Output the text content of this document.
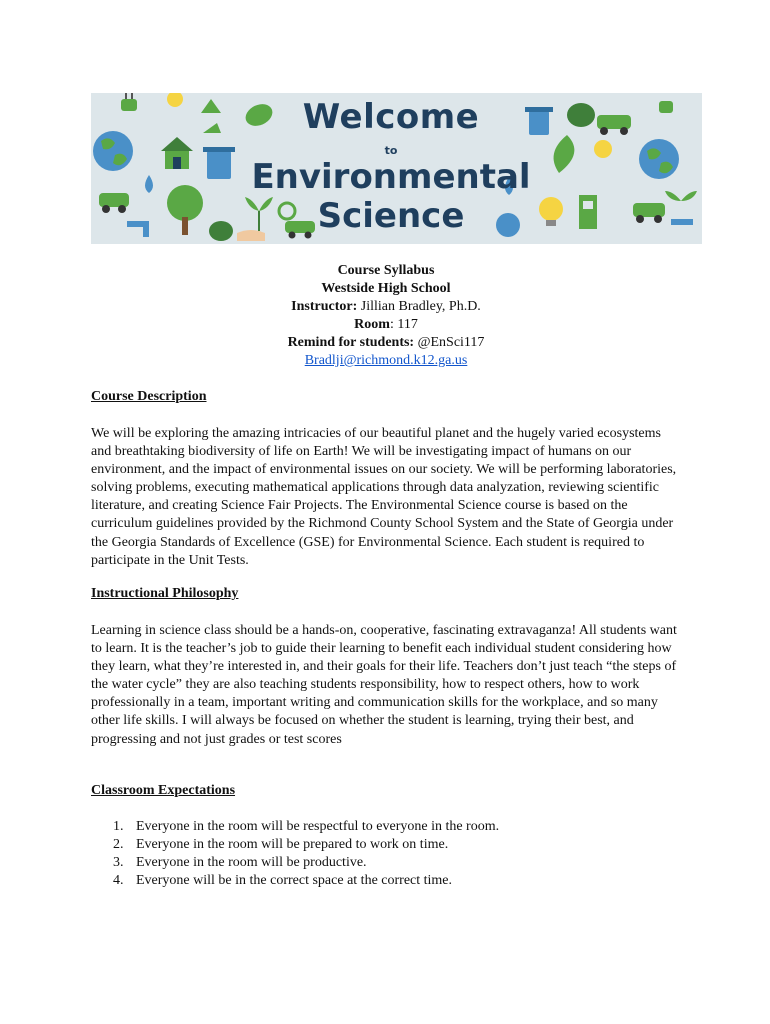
Welcome
to
Environmental
Science
Course Syllabus
Westside High School
Instructor: Jillian Bradley, Ph.D.
Room: 117
Remind for students: @EnSci117
Bradlji@richmond.k12.ga.us
Course Description
We will be exploring the amazing intricacies of our beautiful planet and the hugely varied ecosystems and breathtaking biodiversity of life on Earth! We will be investigating impact of humans on our environment, and the impact of environmental issues on our society. We will be performing laboratories, solving problems, executing mathematical applications through data analyzation, reviewing scientific literature, and creating Science Fair Projects. The Environmental Science course is based on the curriculum guidelines provided by the Richmond County School System and the State of Georgia under the Georgia Standards of Excellence (GSE) for Environmental Science. Each student is required to participate in the Unit Tests.
Instructional Philosophy
Learning in science class should be a hands-on, cooperative, fascinating extravaganza! All students want to learn. It is the teacher’s job to guide their learning to benefit each individual student considering how they learn, what they’re interested in, and their goals for their life. Teachers don’t just teach “the steps of the water cycle” they are also teaching students responsibility, how to respect others, how to work professionally in a team, important writing and communication skills for the workplace, and so many other life skills. I will always be focused on whether the student is learning, trying their best, and progressing and not just grades or test scores
Classroom Expectations
1. Everyone in the room will be respectful to everyone in the room.
2. Everyone in the room will be prepared to work on time.
3. Everyone in the room will be productive.
4. Everyone will be in the correct space at the correct time.
